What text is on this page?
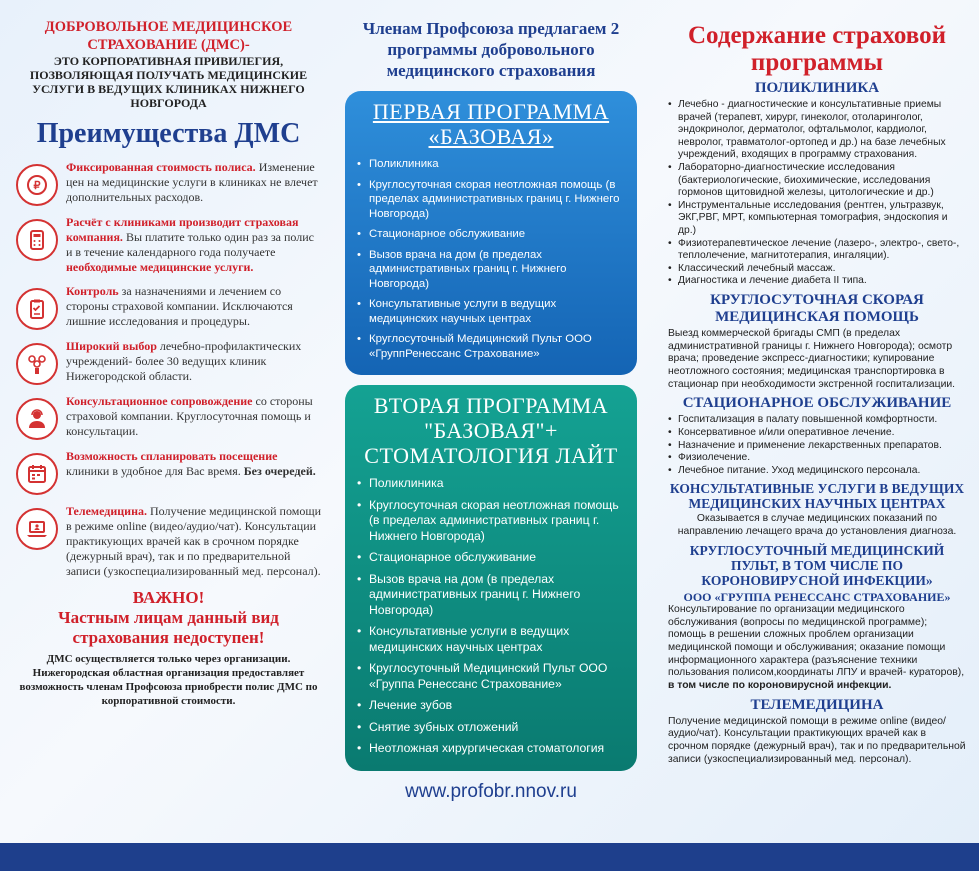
ДОБРОВОЛЬНОЕ МЕДИЦИНСКОЕ СТРАХОВАНИЕ (ДМС)-

ЭТО КОРПОРАТИВНАЯ ПРИВИЛЕГИЯ, ПОЗВОЛЯЮЩАЯ ПОЛУЧАТЬ МЕДИЦИНСКИЕ УСЛУГИ В ВЕДУЩИХ КЛИНИКАХ НИЖНЕГО НОВГОРОДА

Преимущества ДМС
₽
Фиксированная стоимость полиса. Изменение цен на медицинские услуги в клиниках не влечет дополнительных расходов.
Расчёт с клиниками производит страховая компания. Вы платите только один раз за полис и в течение календарного года получаете необходимые медицинские услуги.
Контроль за назначениями и лечением со стороны страховой компании. Исключаются лишние исследования и процедуры.
Широкий выбор лечебно-профилактических учреждений- более 30 ведущих клиник Нижегородской области.
Консультационное сопровождение со стороны страховой компании. Круглосуточная помощь и консультации.
Возможность спланировать посещение клиники в удобное для Вас время. Без очередей.
Телемедицина. Получение медицинской помощи в режиме online (видео/аудио/чат). Консультации практикующих врачей как в срочном порядке (дежурный врач), так и по предварительной записи (узкоспециализированный мед. персонал).

ВАЖНО!

Частным лицам данный вид страхования недоступен!

ДМС осуществляется только через организации. Нижегородская областная организация предоставляет возможность членам Профсоюза приобрести полис ДМС по корпоративной стоимости.

Членам Профсоюза предлагаем 2 программы добровольного медицинского страхования

ПЕРВАЯ ПРОГРАММА
«БАЗОВАЯ»
• Поликлиника
• Круглосуточная скорая неотложная помощь (в пределах административных границ г. Нижнего Новгорода)
• Стационарное обслуживание
• Вызов врача на дом (в пределах административных границ г. Нижнего Новгорода)
• Консультативные услуги в ведущих медицинских научных центрах
• Круглосуточный Медицинский Пульт ООО «ГруппРенессанс Страхование»
ВТОРАЯ ПРОГРАММА
"БАЗОВАЯ"+
СТОМАТОЛОГИЯ ЛАЙТ
• Поликлиника
• Круглосуточная скорая неотложная помощь (в пределах административных границ г. Нижнего Новгорода)
• Стационарное обслуживание
• Вызов врача на дом (в пределах административных границ г. Нижнего Новгорода)
• Консультативные услуги в ведущих медицинских научных центрах
• Круглосуточный Медицинский Пульт ООО «Группа Ренессанс Страхование»
• Лечение зубов
• Снятие зубных отложений
• Неотложная хирургическая стоматология
www.profobr.nnov.ru
Содержание страховой программы
ПОЛИКЛИНИКА
• Лечебно - диагностические и консультативные приемы врачей (терапевт, хирург, гинеколог, отоларинголог, эндокринолог, дерматолог, офтальмолог, кардиолог, невролог, травматолог-ортопед и др.) на базе лечебных учреждений, входящих в программу страхования.
• Лабораторно-диагностические исследования (бактериологические, биохимические, исследования гормонов щитовидной железы, цитологические и др.)
• Инструментальные исследования (рентген, ультразвук, ЭКГ,РВГ, МРТ, компьютерная томография, эндоскопия и др.)
• Физиотерапевтическое лечение (лазеро-, электро-, свето-, теплолечение, магнитотерапия, ингаляции).
• Классический лечебный массаж.
• Диагностика и лечение диабета II типа.
КРУГЛОСУТОЧНАЯ СКОРАЯ МЕДИЦИНСКАЯ ПОМОЩЬ

Выезд коммерческой бригады СМП (в пределах административной границы г. Нижнего Новгорода); осмотр врача; проведение экспресс-диагностики; купирование неотложного состояния; медицинская транспортировка в стационар при необходимости экстренной госпитализации.

СТАЦИОНАРНОЕ ОБСЛУЖИВАНИЕ
• Госпитализация в палату повышенной комфортности.
• Консервативное и/или оперативное лечение.
• Назначение и применение лекарственных препаратов.
• Физиолечение.
• Лечебное питание. Уход медицинского персонала.
КОНСУЛЬТАТИВНЫЕ УСЛУГИ В ВЕДУЩИХ МЕДИЦИНСКИХ НАУЧНЫХ ЦЕНТРАХ

Оказывается в случае медицинских показаний по направлению лечащего врача до установления диагноза.

КРУГЛОСУТОЧНЫЙ МЕДИЦИНСКИЙ ПУЛЬТ, В ТОМ ЧИСЛЕ ПО КОРОНОВИРУСНОЙ ИНФЕКЦИИ»
ООО «ГРУППА РЕНЕССАНС СТРАХОВАНИЕ»

Консультирование по организации медицинского обслуживания (вопросы по медицинской программе); помощь в решении сложных проблем организации медицинской помощи и обслуживания; оказание помощи информационного характера (разъяснение техники пользования полисом,координаты ЛПУ и врачей- кураторов), в том числе по короновирусной инфекции.

ТЕЛЕМЕДИЦИНА

Получение медицинской помощи в режиме online (видео/аудио/чат). Консультации практикующих врачей как в срочном порядке (дежурный врач), так и по предварительной записи (узкоспециализированный мед. персонал).
